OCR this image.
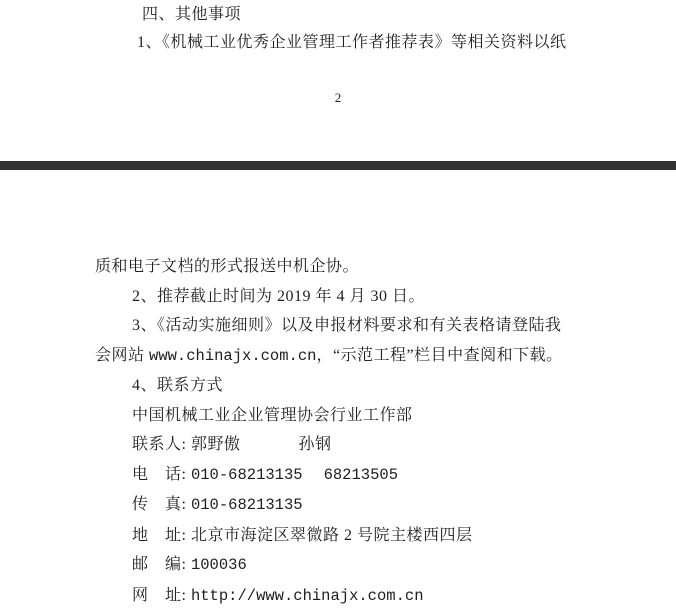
四、其他事项
1、《机械工业优秀企业管理工作者推荐表》等相关资料以纸
2

质和电子文档的形式报送中机企协。

2、推荐截止时间为 2019 年 4 月 30 日。

3、《活动实施细则》以及申报材料要求和有关表格请登陆我

会网站 www.chinajx.com.cn，“示范工程”栏目中查阅和下载。

4、联系方式

中国机械工业企业管理协会行业工作部

联系人: 郭野傲	孙钢

电　话: 010-68213135 68213505

传　真: 010-68213135

地　址: 北京市海淀区翠微路 2 号院主楼西四层

邮　编: 100036

网　址: http://www.chinajx.com.cn
